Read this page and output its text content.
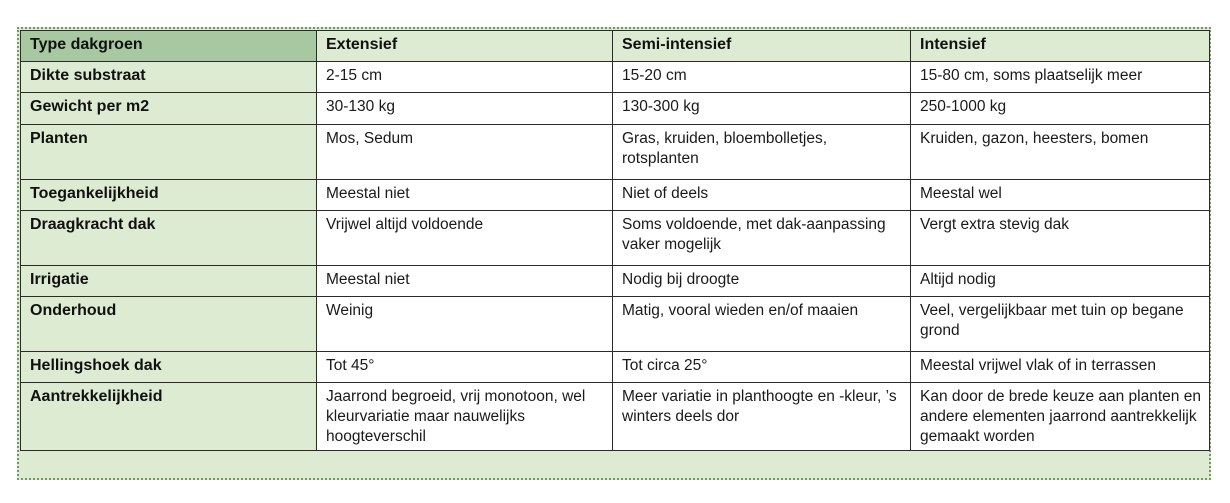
Type dakgroen	Extensief	Semi-intensief	Intensief
Dikte substraat	2-15 cm	15-20 cm	15-80 cm, soms plaatselijk meer
Gewicht per m2	30-130 kg	130-300 kg	250-1000 kg
Planten	Mos, Sedum	Gras, kruiden, bloembolletjes, rotsplanten	Kruiden, gazon, heesters, bomen
Toegankelijkheid	Meestal niet	Niet of deels	Meestal wel
Draagkracht dak	Vrijwel altijd voldoende	Soms voldoende, met dak-aanpassing vaker mogelijk	Vergt extra stevig dak
Irrigatie	Meestal niet	Nodig bij droogte	Altijd nodig
Onderhoud	Weinig	Matig, vooral wieden en/of maaien	Veel, vergelijkbaar met tuin op begane grond
Hellingshoek dak	Tot 45°	Tot circa 25°	Meestal vrijwel vlak of in terrassen
Aantrekkelijkheid	Jaarrond begroeid, vrij monotoon, wel kleurvariatie maar nauwelijks hoogteverschil	Meer variatie in planthoogte en -kleur, ’s winters deels dor	Kan door de brede keuze aan planten en andere elementen jaarrond aantrekkelijk gemaakt worden
